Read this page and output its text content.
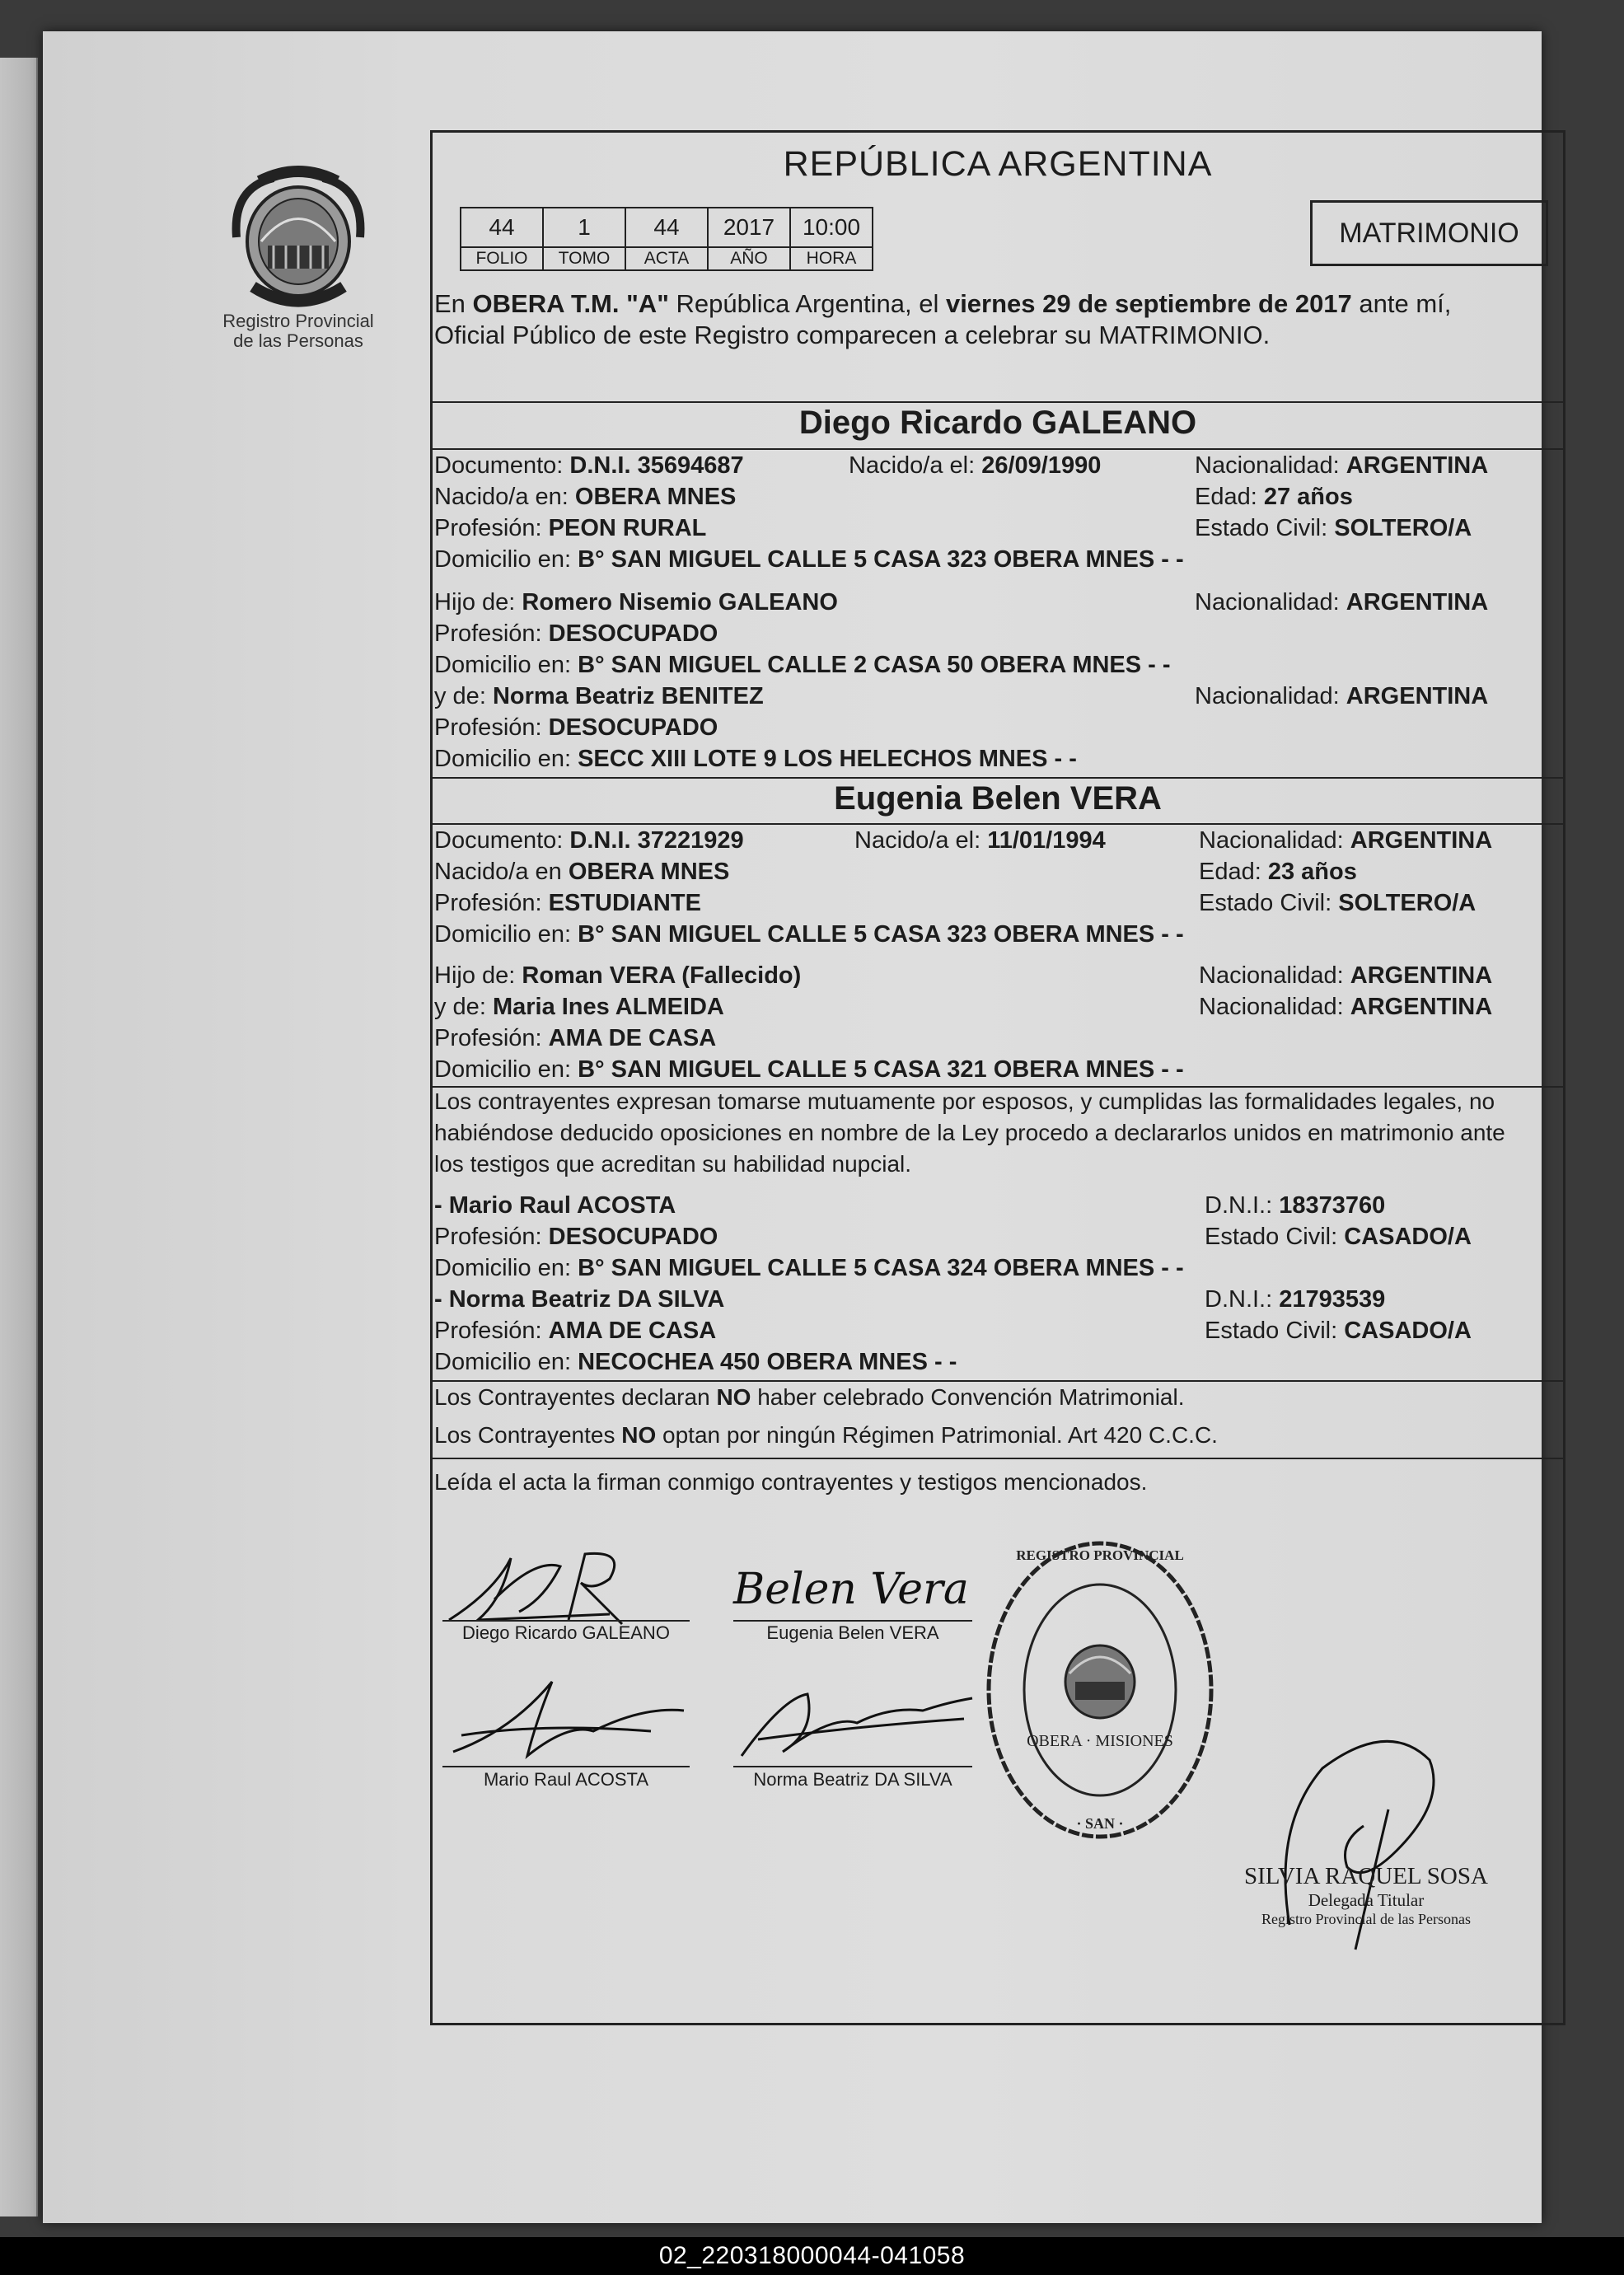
Registro Provincial
de las Personas
REPÚBLICA ARGENTINA
44	1	44	2017	10:00
FOLIO	TOMO	ACTA	AÑO	HORA
MATRIMONIO
En OBERA T.M. "A" República Argentina, el viernes 29 de septiembre de 2017 ante mí,
Oficial Público de este Registro comparecen a celebrar su MATRIMONIO.
Diego Ricardo GALEANO
Documento: D.N.I. 35694687	Nacido/a el: 26/09/1990	Nacionalidad: ARGENTINA
Nacido/a en: OBERA MNES	Edad: 27 años
Profesión: PEON RURAL	Estado Civil: SOLTERO/A
Domicilio en: B° SAN MIGUEL CALLE 5 CASA 323 OBERA MNES - -
Hijo de: Romero Nisemio GALEANO	Nacionalidad: ARGENTINA
Profesión: DESOCUPADO
Domicilio en: B° SAN MIGUEL CALLE 2 CASA 50 OBERA MNES - -
y de: Norma Beatriz BENITEZ	Nacionalidad: ARGENTINA
Profesión: DESOCUPADO
Domicilio en: SECC XIII LOTE 9 LOS HELECHOS MNES - -
Eugenia Belen VERA
Documento: D.N.I. 37221929	Nacido/a el: 11/01/1994	Nacionalidad: ARGENTINA
Nacido/a en OBERA MNES	Edad: 23 años
Profesión: ESTUDIANTE	Estado Civil: SOLTERO/A
Domicilio en: B° SAN MIGUEL CALLE 5 CASA 323 OBERA MNES - -
Hijo de: Roman VERA (Fallecido)	Nacionalidad: ARGENTINA
y de: Maria Ines ALMEIDA	Nacionalidad: ARGENTINA
Profesión: AMA DE CASA
Domicilio en: B° SAN MIGUEL CALLE 5 CASA 321 OBERA MNES - -
Los contrayentes expresan tomarse mutuamente por esposos, y cumplidas las formalidades legales, no
habiéndose deducido oposiciones en nombre de la Ley procedo a declararlos unidos en matrimonio ante
los testigos que acreditan su habilidad nupcial.
- Mario Raul ACOSTA	D.N.I.: 18373760
Profesión: DESOCUPADO	Estado Civil: CASADO/A
Domicilio en: B° SAN MIGUEL CALLE 5 CASA 324 OBERA MNES - -
- Norma Beatriz DA SILVA	D.N.I.: 21793539
Profesión: AMA DE CASA	Estado Civil: CASADO/A
Domicilio en: NECOCHEA 450 OBERA MNES - -
Los Contrayentes declaran NO haber celebrado Convención Matrimonial.
Los Contrayentes NO optan por ningún Régimen Patrimonial. Art 420 C.C.C.
Leída el acta la firman conmigo contrayentes y testigos mencionados.
Diego Ricardo GALEANO
Belen Vera
Eugenia Belen VERA
Mario Raul ACOSTA	Norma Beatriz DA SILVA
OBERA · MISIONES
REGISTRO PROVINCIAL
· SAN ·
SILVIA RAQUEL SOSA
Delegada Titular
Registro Provincial de las Personas
02_220318000044-041058
